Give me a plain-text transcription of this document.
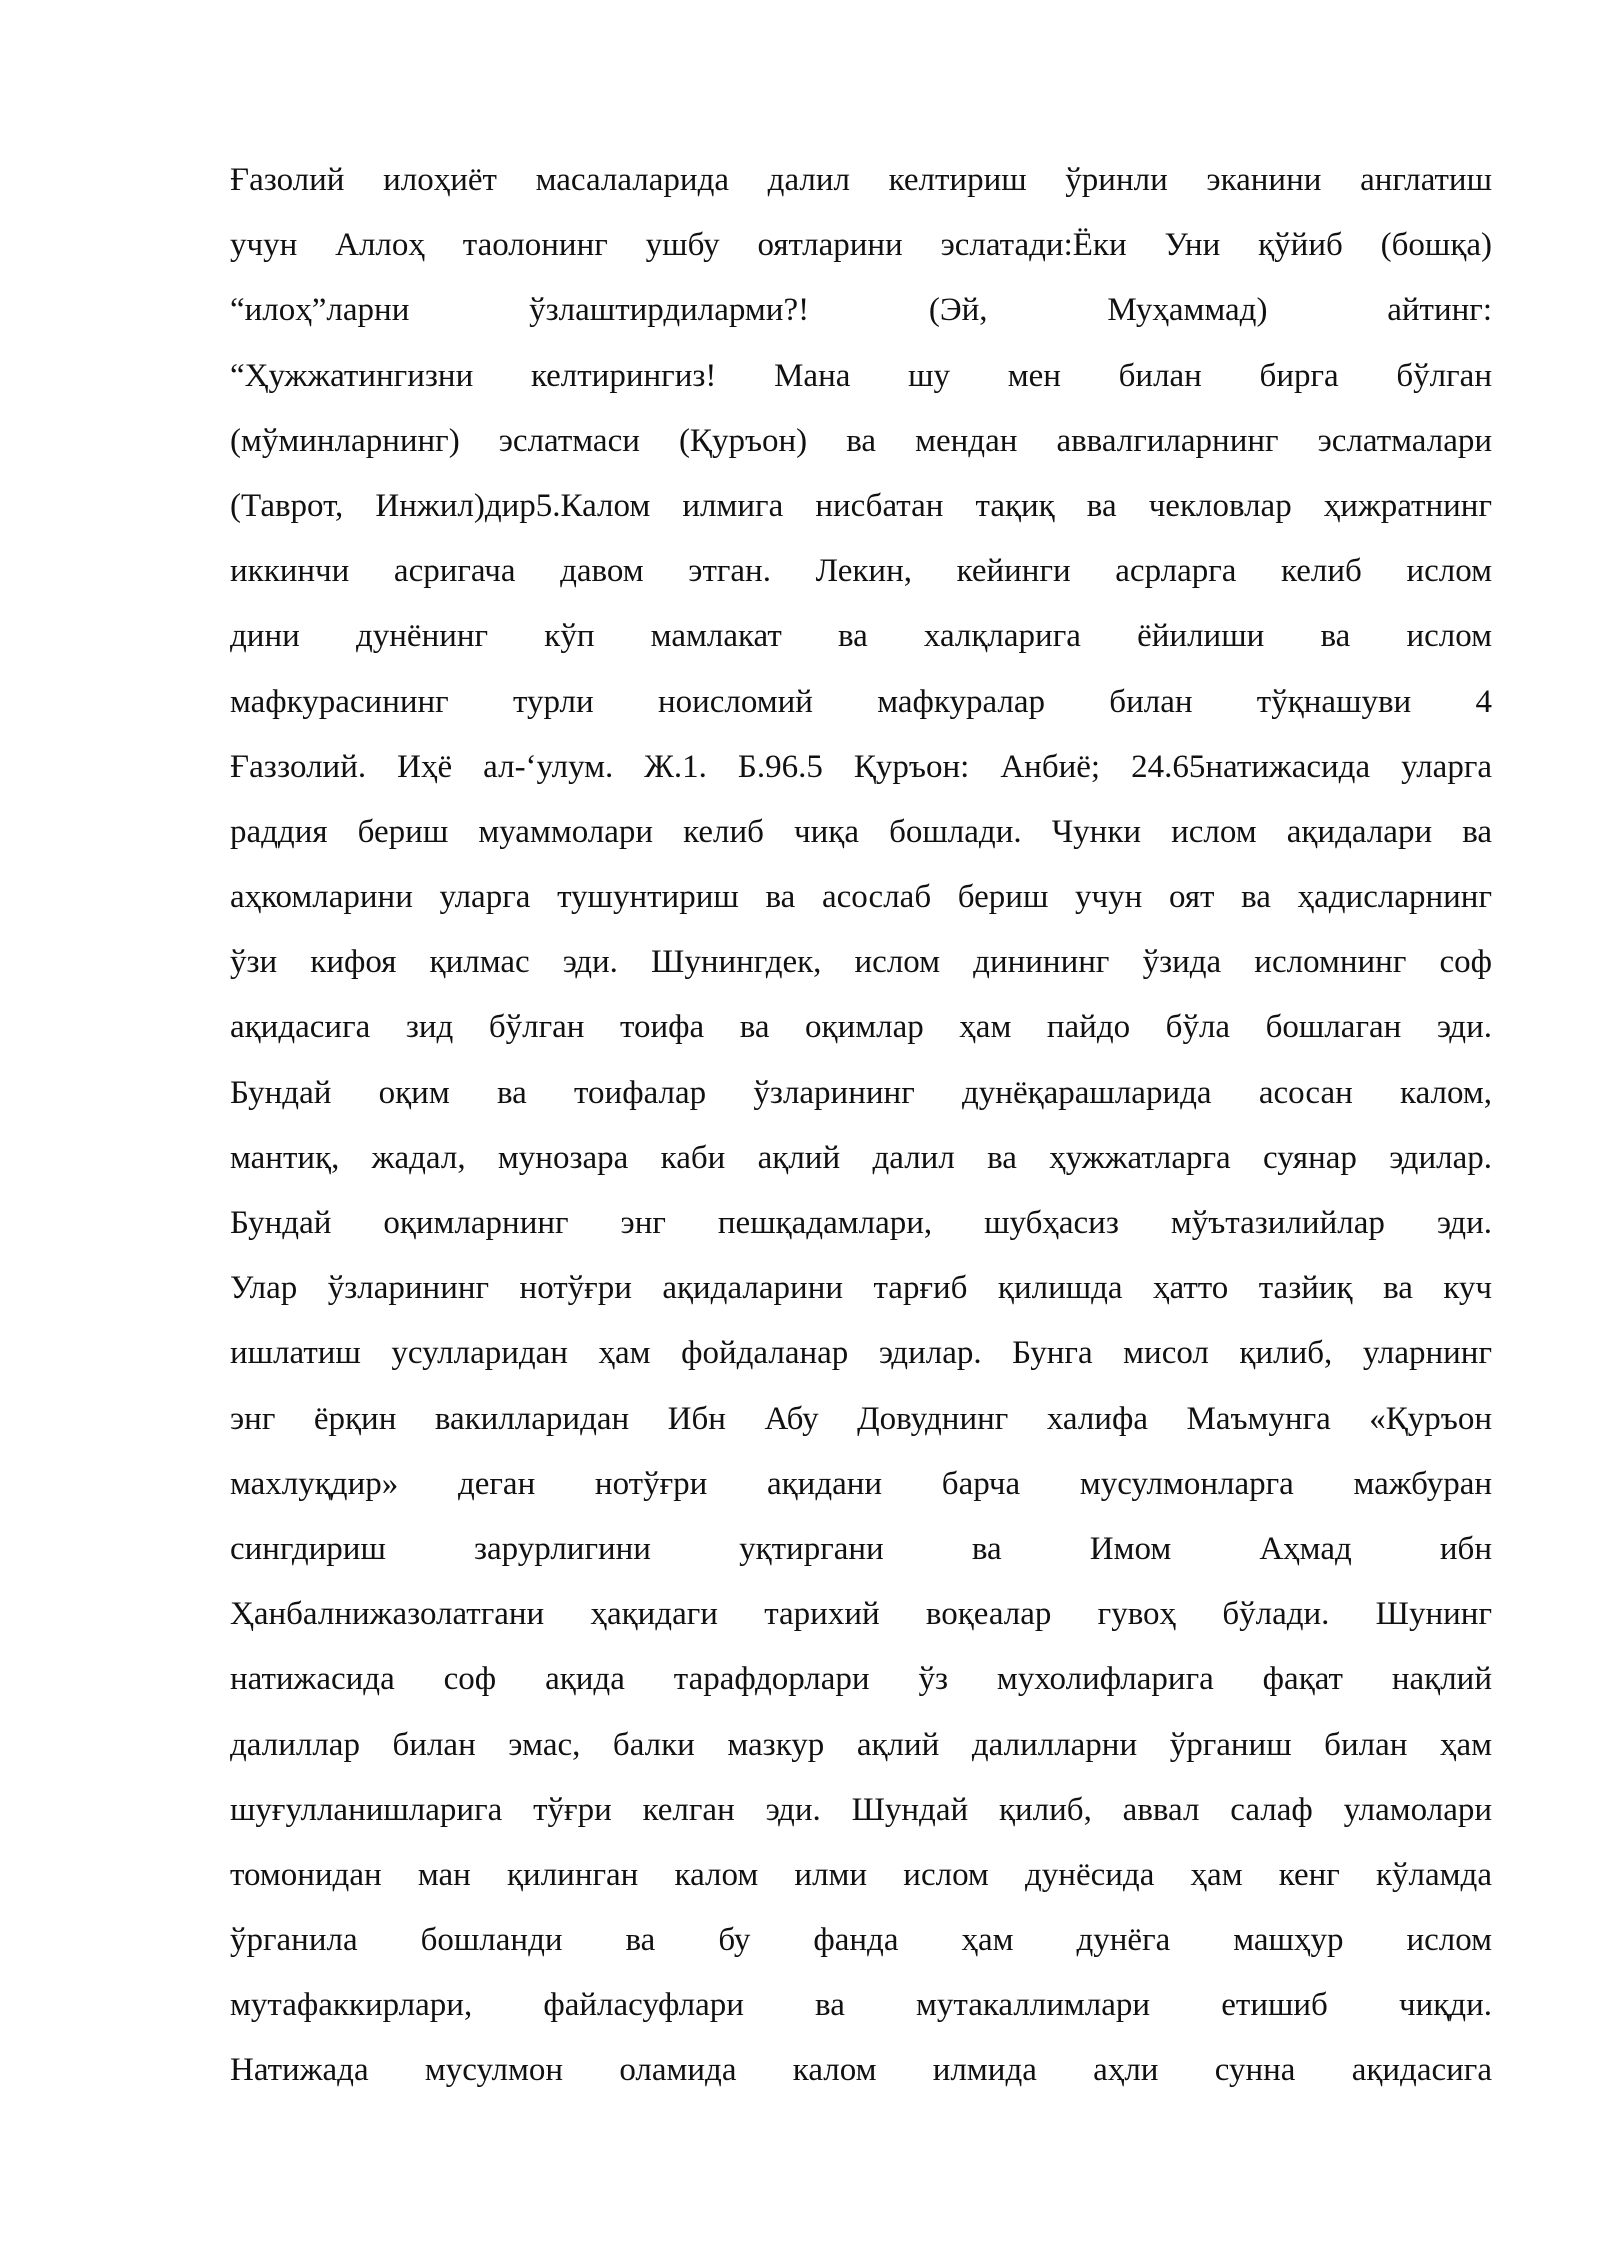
Ғазолий илоҳиёт масалаларида далил келтириш ўринли эканини англатиш
учун Аллоҳ таолонинг ушбу оятларини эслатади:Ёки Уни қўйиб (бошқа)
“илоҳ”ларни ўзлаштирдиларми?! (Эй, Муҳаммад) айтинг:
“Ҳужжатингизни келтирингиз! Мана шу мен билан бирга бўлган
(мўминларнинг) эслатмаси (Қуръон) ва мендан аввалгиларнинг эслатмалари
(Таврот, Инжил)дир5.Калом илмига нисбатан тақиқ ва чекловлар ҳижратнинг
иккинчи асригача давом этган. Лекин, кейинги асрларга келиб ислом
дини дунёнинг кўп мамлакат ва халқларига ёйилиши ва ислом
мафкурасининг турли ноисломий мафкуралар билан тўқнашуви 4
Ғаззолий. Иҳё ал-‘улум. Ж.1. Б.96.5 Қуръон: Анбиё; 24.65натижасида уларга
раддия бериш муаммолари келиб чиқа бошлади. Чунки ислом ақидалари ва
аҳкомларини уларга тушунтириш ва асослаб бериш учун оят ва ҳадисларнинг
ўзи кифоя қилмас эди. Шунингдек, ислом динининг ўзида исломнинг соф
ақидасига зид бўлган тоифа ва оқимлар ҳам пайдо бўла бошлаган эди.
Бундай оқим ва тоифалар ўзларининг дунёқарашларида асосан калом,
мантиқ, жадал, мунозара каби ақлий далил ва ҳужжатларга суянар эдилар.
Бундай оқимларнинг энг пешқадамлари, шубҳасиз мўътазилийлар эди.
Улар ўзларининг нотўғри ақидаларини тарғиб қилишда ҳатто тазйиқ ва куч
ишлатиш усулларидан ҳам фойдаланар эдилар. Бунга мисол қилиб, уларнинг
энг ёрқин вакилларидан Ибн Абу Довуднинг халифа Маъмунга «Қуръон
махлуқдир» деган нотўғри ақидани барча мусулмонларга мажбуран
сингдириш зарурлигини уқтиргани ва Имом Аҳмад ибн
Ҳанбалнижазолатгани ҳақидаги тарихий воқеалар гувоҳ бўлади. Шунинг
натижасида соф ақида тарафдорлари ўз мухолифларига фақат нақлий
далиллар билан эмас, балки мазкур ақлий далилларни ўрганиш билан ҳам
шуғулланишларига тўғри келган эди. Шундай қилиб, аввал салаф уламолари
томонидан ман қилинган калом илми ислом дунёсида ҳам кенг кўламда
ўрганила бошланди ва бу фанда ҳам дунёга машҳур ислом
мутафаккирлари, файласуфлари ва мутакаллимлари етишиб чиқди.
Натижада мусулмон оламида калом илмида аҳли сунна ақидасига
